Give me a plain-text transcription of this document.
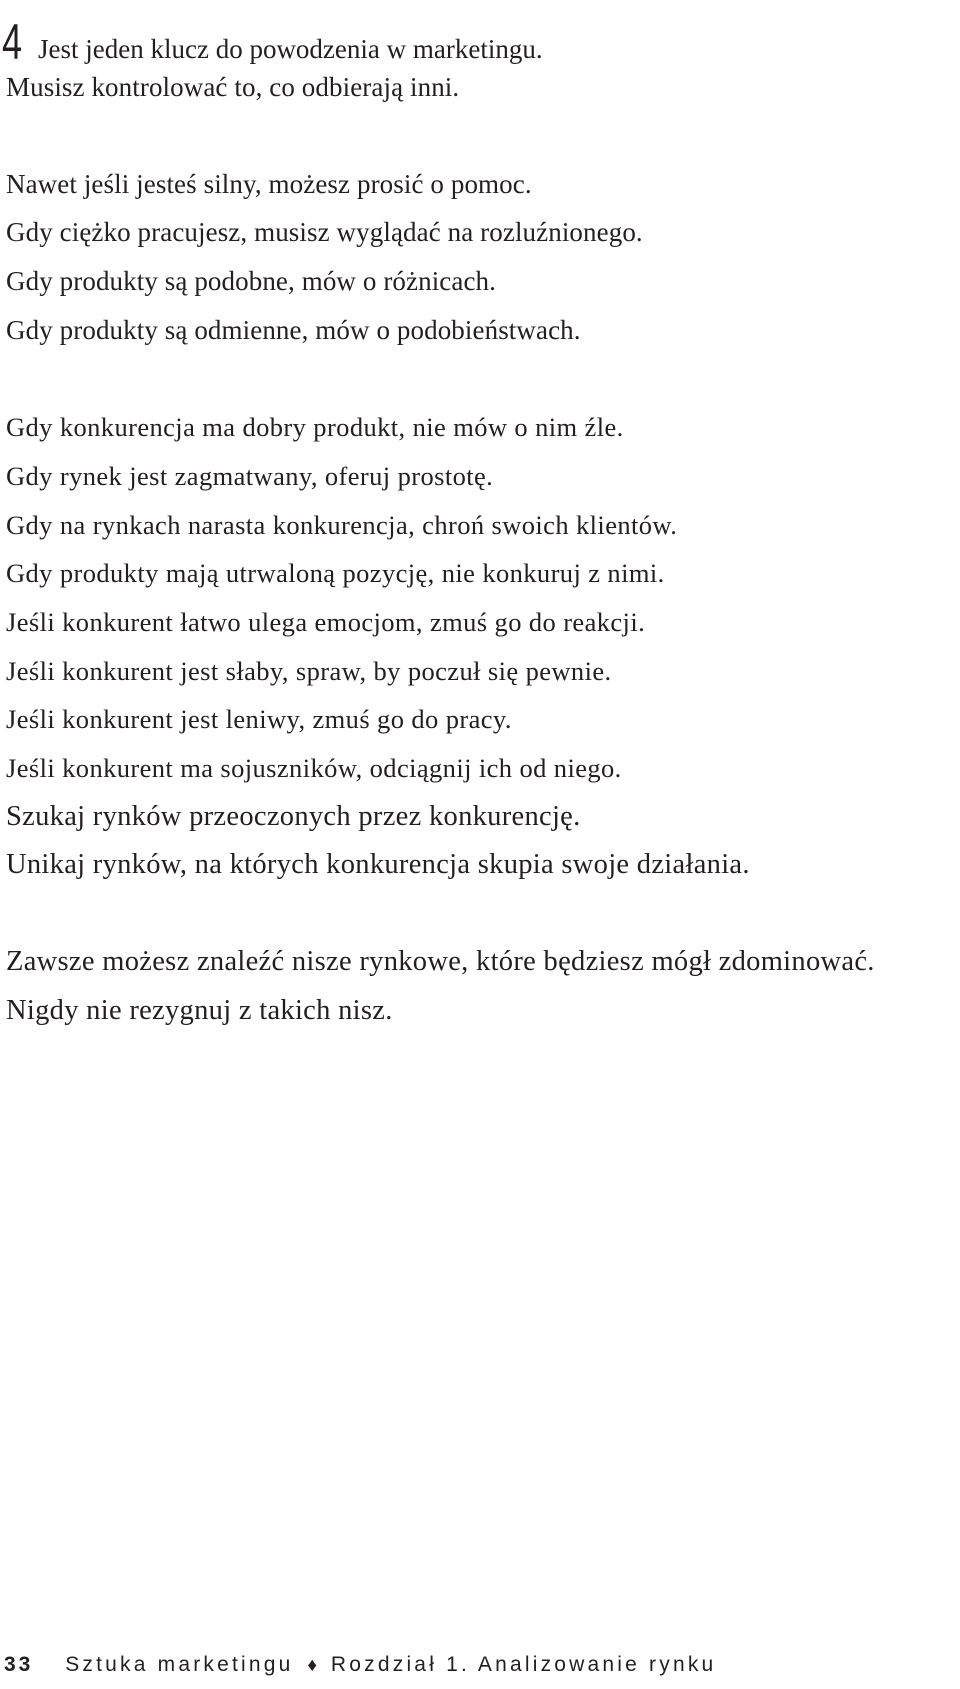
4 Jest jeden klucz do powodzenia w marketingu.
Musisz kontrolować to, co odbierają inni.
Nawet jeśli jesteś silny, możesz prosić o pomoc.
Gdy ciężko pracujesz, musisz wyglądać na rozluźnionego.
Gdy produkty są podobne, mów o różnicach.
Gdy produkty są odmienne, mów o podobieństwach.
Gdy konkurencja ma dobry produkt, nie mów o nim źle.
Gdy rynek jest zagmatwany, oferuj prostotę.
Gdy na rynkach narasta konkurencja, chroń swoich klientów.
Gdy produkty mają utrwaloną pozycję, nie konkuruj z nimi.
Jeśli konkurent łatwo ulega emocjom, zmuś go do reakcji.
Jeśli konkurent jest słaby, spraw, by poczuł się pewnie.
Jeśli konkurent jest leniwy, zmuś go do pracy.
Jeśli konkurent ma sojuszników, odciągnij ich od niego.
Szukaj rynków przeoczonych przez konkurencję.
Unikaj rynków, na których konkurencja skupia swoje działania.
Zawsze możesz znaleźć nisze rynkowe, które będziesz mógł zdominować.
Nigdy nie rezygnuj z takich nisz.
33 Sztuka marketingu ♦ Rozdział 1. Analizowanie rynku
